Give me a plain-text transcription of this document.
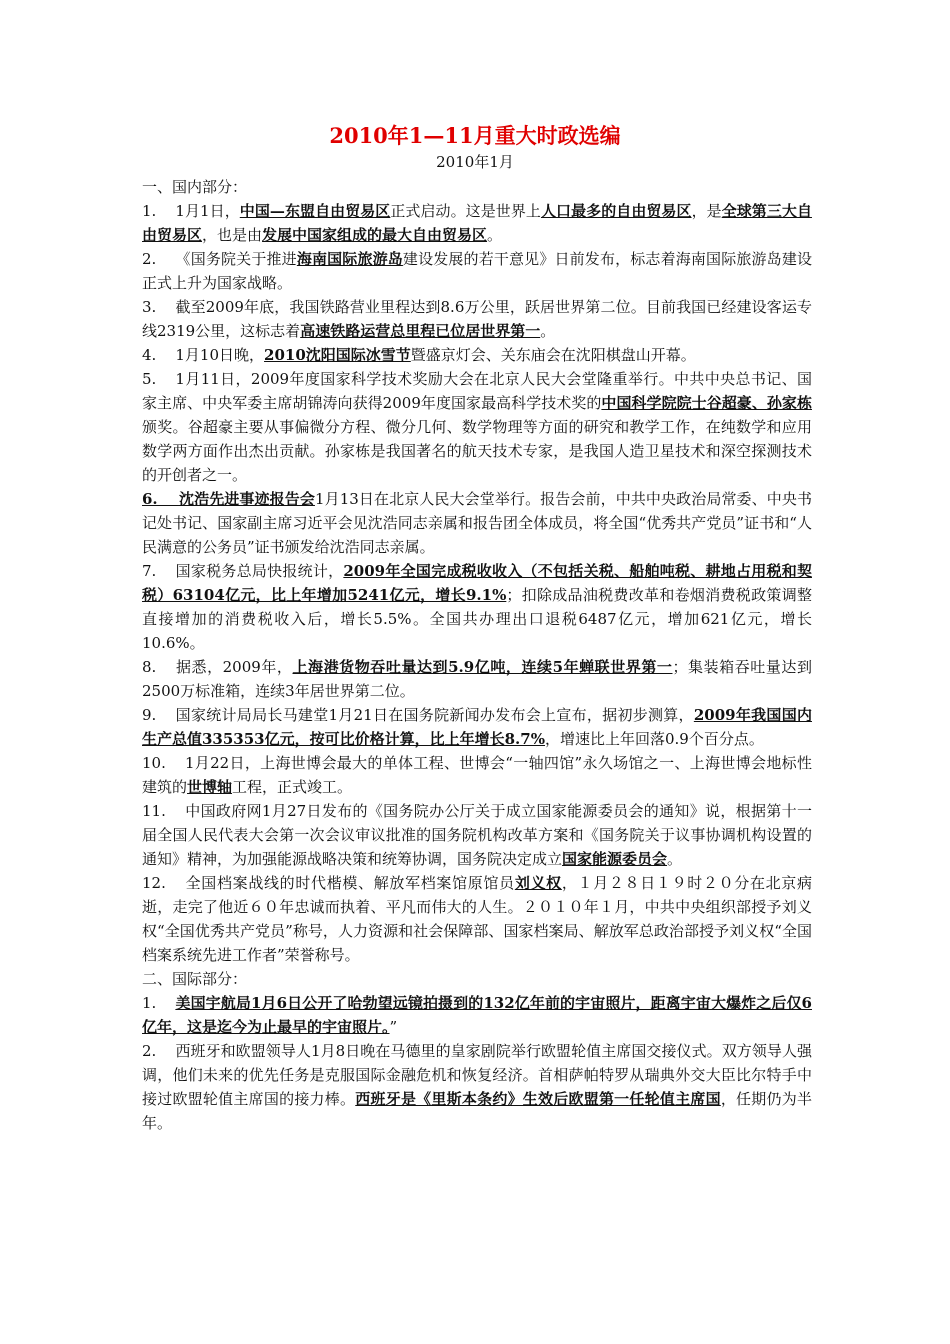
2010年1—11月重大时政选编
2010年1月

一、国内部分：

1.    1月1日，中国—东盟自由贸易区正式启动。这是世界上人口最多的自由贸易区，是全球第三大自由贸易区，也是由发展中国家组成的最大自由贸易区。

2.    《国务院关于推进海南国际旅游岛建设发展的若干意见》日前发布，标志着海南国际旅游岛建设正式上升为国家战略。

3.    截至2009年底，我国铁路营业里程达到8.6万公里，跃居世界第二位。目前我国已经建设客运专线2319公里，这标志着高速铁路运营总里程已位居世界第一。

4.    1月10日晚，2010沈阳国际冰雪节暨盛京灯会、关东庙会在沈阳棋盘山开幕。

5.    1月11日，2009年度国家科学技术奖励大会在北京人民大会堂隆重举行。中共中央总书记、国家主席、中央军委主席胡锦涛向获得2009年度国家最高科学技术奖的中国科学院院士谷超豪、孙家栋颁奖。谷超豪主要从事偏微分方程、微分几何、数学物理等方面的研究和教学工作，在纯数学和应用数学两方面作出杰出贡献。孙家栋是我国著名的航天技术专家，是我国人造卫星技术和深空探测技术的开创者之一。

6.    沈浩先进事迹报告会1月13日在北京人民大会堂举行。报告会前，中共中央政治局常委、中央书记处书记、国家副主席习近平会见沈浩同志亲属和报告团全体成员，将全国“优秀共产党员”证书和“人民满意的公务员”证书颁发给沈浩同志亲属。

7.    国家税务总局快报统计，2009年全国完成税收收入（不包括关税、船舶吨税、耕地占用税和契税）63104亿元，比上年增加5241亿元，增长9.1%；扣除成品油税费改革和卷烟消费税政策调整直接增加的消费税收入后，增长5.5%。全国共办理出口退税6487亿元，增加621亿元，增长10.6%。

8.    据悉，2009年，上海港货物吞吐量达到5.9亿吨，连续5年蝉联世界第一；集装箱吞吐量达到2500万标准箱，连续3年居世界第二位。

9.    国家统计局局长马建堂1月21日在国务院新闻办发布会上宣布，据初步测算，2009年我国国内生产总值335353亿元，按可比价格计算，比上年增长8.7%，增速比上年回落0.9个百分点。

10.    1月22日，上海世博会最大的单体工程、世博会“一轴四馆”永久场馆之一、上海世博会地标性建筑的世博轴工程，正式竣工。

11.    中国政府网1月27日发布的《国务院办公厅关于成立国家能源委员会的通知》说，根据第十一届全国人民代表大会第一次会议审议批准的国务院机构改革方案和《国务院关于议事协调机构设置的通知》精神，为加强能源战略决策和统筹协调，国务院决定成立国家能源委员会。

12.    全国档案战线的时代楷模、解放军档案馆原馆员刘义权，１月２８日１９时２０分在北京病逝，走完了他近６０年忠诚而执着、平凡而伟大的人生。２０１０年１月，中共中央组织部授予刘义权“全国优秀共产党员”称号，人力资源和社会保障部、国家档案局、解放军总政治部授予刘义权“全国档案系统先进工作者”荣誉称号。

二、国际部分：

1.    美国宇航局1月6日公开了哈勃望远镜拍摄到的132亿年前的宇宙照片，距离宇宙大爆炸之后仅6亿年，这是迄今为止最早的宇宙照片。”

2.    西班牙和欧盟领导人1月8日晚在马德里的皇家剧院举行欧盟轮值主席国交接仪式。双方领导人强调，他们未来的优先任务是克服国际金融危机和恢复经济。首相萨帕特罗从瑞典外交大臣比尔特手中接过欧盟轮值主席国的接力棒。西班牙是《里斯本条约》生效后欧盟第一任轮值主席国，任期仍为半年。
